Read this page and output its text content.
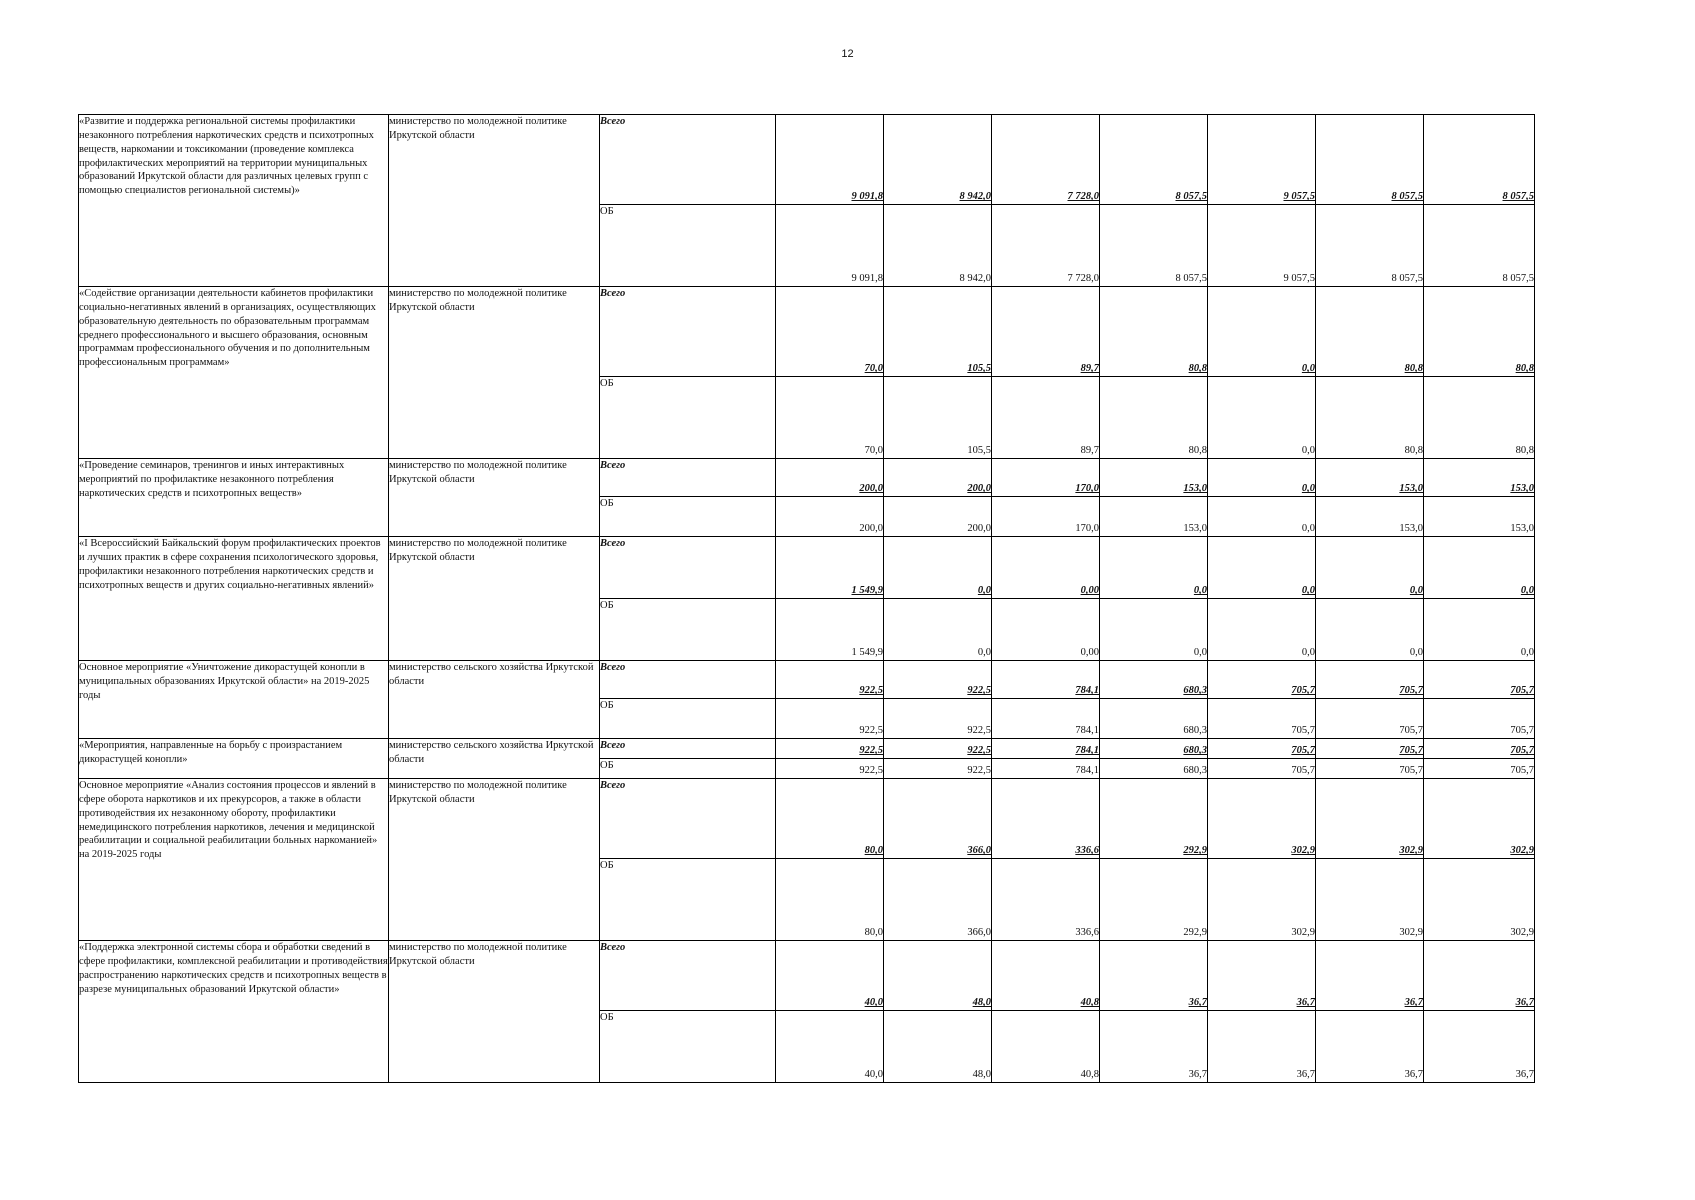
12
«Развитие и поддержка региональной системы профилактики незаконного потребления наркотических средств и психотропных веществ, наркомании и токсикомании (проведение комплекса профилактических мероприятий на территории муниципальных образований Иркутской области для различных целевых групп с помощью специалистов региональной системы)»	министерство по молодежной политике Иркутской области	Всего	9 091,8	8 942,0	7 728,0	8 057,5	9 057,5	8 057,5	8 057,5
		ОБ	9 091,8	8 942,0	7 728,0	8 057,5	9 057,5	8 057,5	8 057,5
«Содействие организации деятельности кабинетов профилактики социально-негативных явлений в организациях, осуществляющих образовательную деятельность по образовательным программам среднего профессионального и высшего образования, основным программам профессионального обучения и по дополнительным профессиональным программам»	министерство по молодежной политике Иркутской области	Всего	70,0	105,5	89,7	80,8	0,0	80,8	80,8
		ОБ	70,0	105,5	89,7	80,8	0,0	80,8	80,8
«Проведение семинаров, тренингов и иных интерактивных мероприятий по профилактике незаконного потребления наркотических средств и психотропных веществ»	министерство по молодежной политике Иркутской области	Всего	200,0	200,0	170,0	153,0	0,0	153,0	153,0
		ОБ	200,0	200,0	170,0	153,0	0,0	153,0	153,0
«I Всероссийский Байкальский форум профилактических проектов и лучших практик в сфере сохранения психологического здоровья, профилактики незаконного потребления наркотических средств и психотропных веществ и других социально-негативных явлений»	министерство по молодежной политике Иркутской области	Всего	1 549,9	0,0	0,00	0,0	0,0	0,0	0,0
		ОБ	1 549,9	0,0	0,00	0,0	0,0	0,0	0,0
Основное мероприятие «Уничтожение дикорастущей конопли в муниципальных образованиях Иркутской области» на 2019-2025 годы	министерство сельского хозяйства Иркутской области	Всего	922,5	922,5	784,1	680,3	705,7	705,7	705,7
		ОБ	922,5	922,5	784,1	680,3	705,7	705,7	705,7
«Мероприятия, направленные на борьбу с произрастанием дикорастущей конопли»	министерство сельского хозяйства Иркутской области	Всего	922,5	922,5	784,1	680,3	705,7	705,7	705,7
		ОБ	922,5	922,5	784,1	680,3	705,7	705,7	705,7
Основное мероприятие «Анализ состояния процессов и явлений в сфере оборота наркотиков и их прекурсоров, а также в области противодействия их незаконному обороту, профилактики немедицинского потребления наркотиков, лечения и медицинской реабилитации и социальной реабилитации больных наркоманией» на 2019-2025 годы	министерство по молодежной политике Иркутской области	Всего	80,0	366,0	336,6	292,9	302,9	302,9	302,9
		ОБ	80,0	366,0	336,6	292,9	302,9	302,9	302,9
«Поддержка электронной системы сбора и обработки сведений в сфере профилактики, комплексной реабилитации и противодействия распространению наркотических средств и психотропных веществ в разрезе муниципальных образований Иркутской области»	министерство по молодежной политике Иркутской области	Всего	40,0	48,0	40,8	36,7	36,7	36,7	36,7
		ОБ	40,0	48,0	40,8	36,7	36,7	36,7	36,7
